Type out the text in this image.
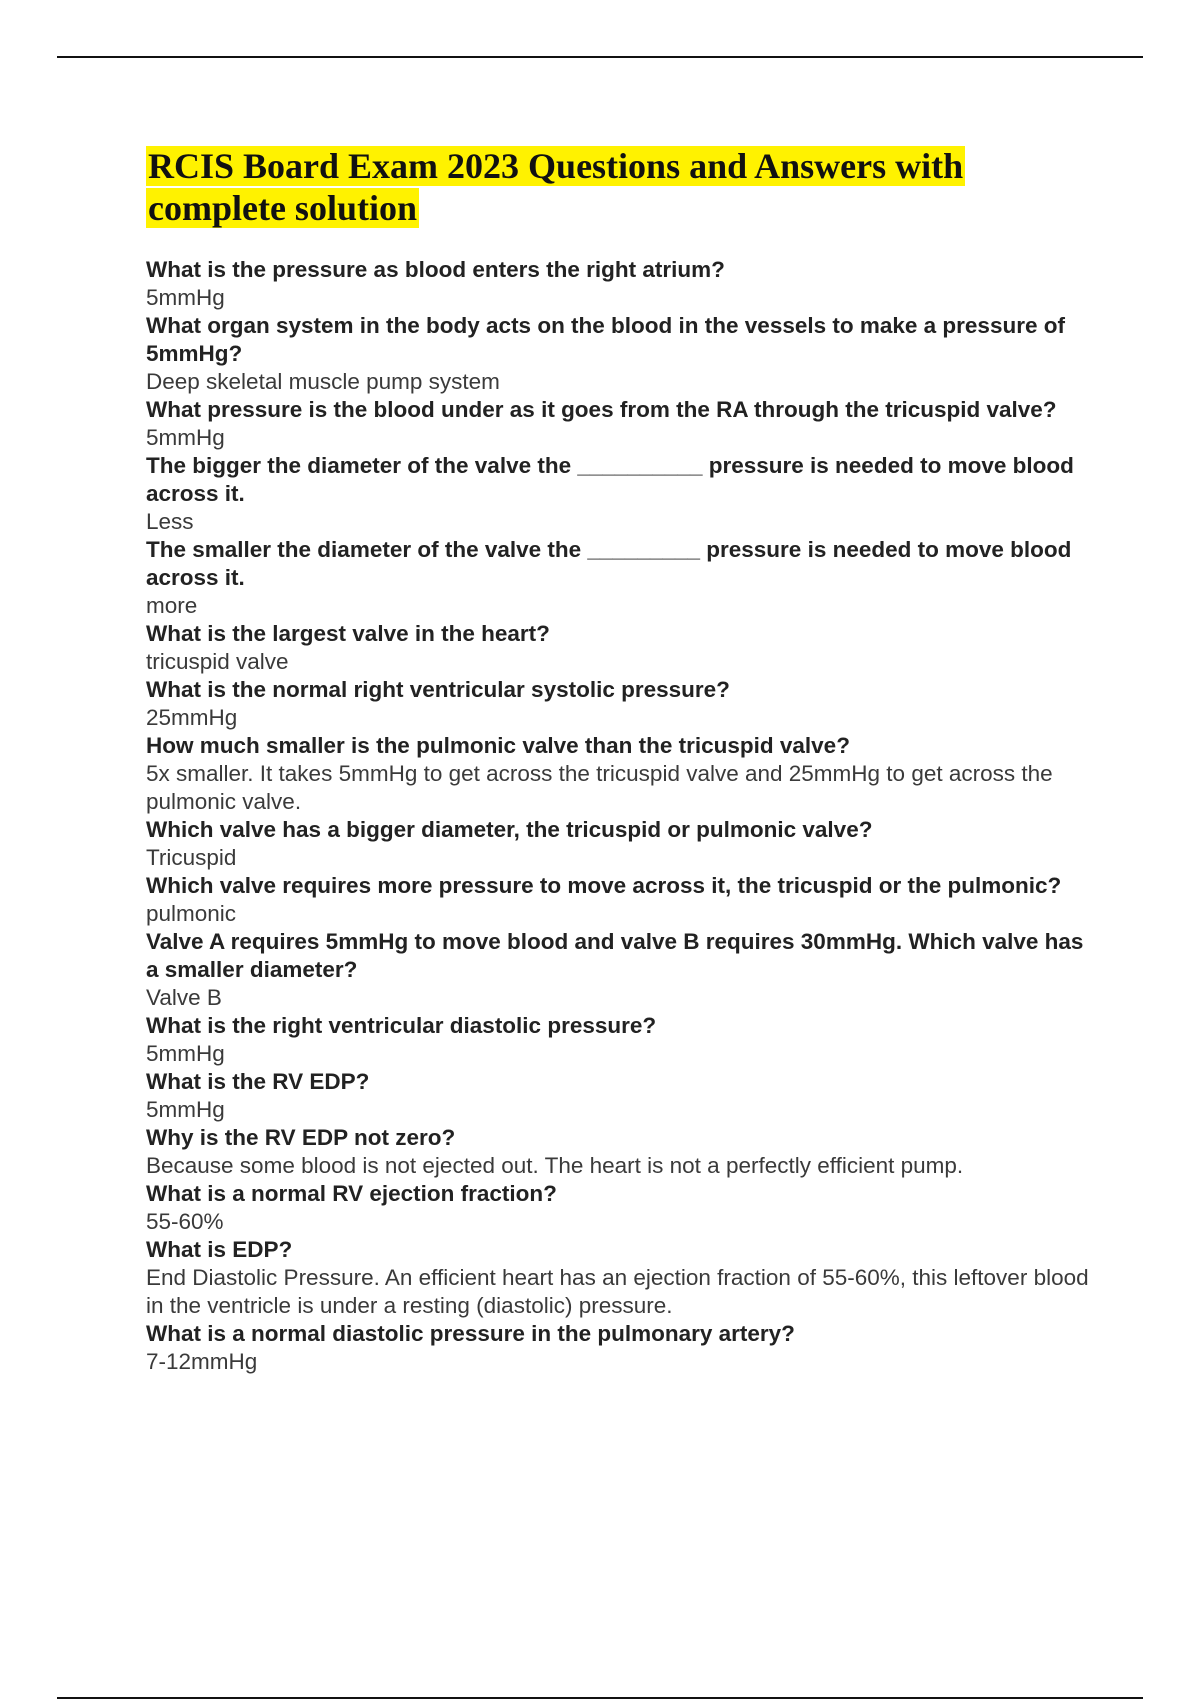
RCIS Board Exam 2023 Questions and Answers with complete solution

What is the pressure as blood enters the right atrium?

5mmHg

What organ system in the body acts on the blood in the vessels to make a pressure of 5mmHg?

Deep skeletal muscle pump system

What pressure is the blood under as it goes from the RA through the tricuspid valve?

5mmHg

The bigger the diameter of the valve the __________ pressure is needed to move blood across it.

Less

The smaller the diameter of the valve the _________ pressure is needed to move blood across it.

more

What is the largest valve in the heart?

tricuspid valve

What is the normal right ventricular systolic pressure?

25mmHg

How much smaller is the pulmonic valve than the tricuspid valve?

5x smaller. It takes 5mmHg to get across the tricuspid valve and 25mmHg to get across the pulmonic valve.

Which valve has a bigger diameter, the tricuspid or pulmonic valve?

Tricuspid

Which valve requires more pressure to move across it, the tricuspid or the pulmonic?

pulmonic

Valve A requires 5mmHg to move blood and valve B requires 30mmHg. Which valve has a smaller diameter?

Valve B

What is the right ventricular diastolic pressure?

5mmHg

What is the RV EDP?

5mmHg

Why is the RV EDP not zero?

Because some blood is not ejected out. The heart is not a perfectly efficient pump.

What is a normal RV ejection fraction?

55-60%

What is EDP?

End Diastolic Pressure. An efficient heart has an ejection fraction of 55-60%, this leftover blood in the ventricle is under a resting (diastolic) pressure.

What is a normal diastolic pressure in the pulmonary artery?

7-12mmHg
